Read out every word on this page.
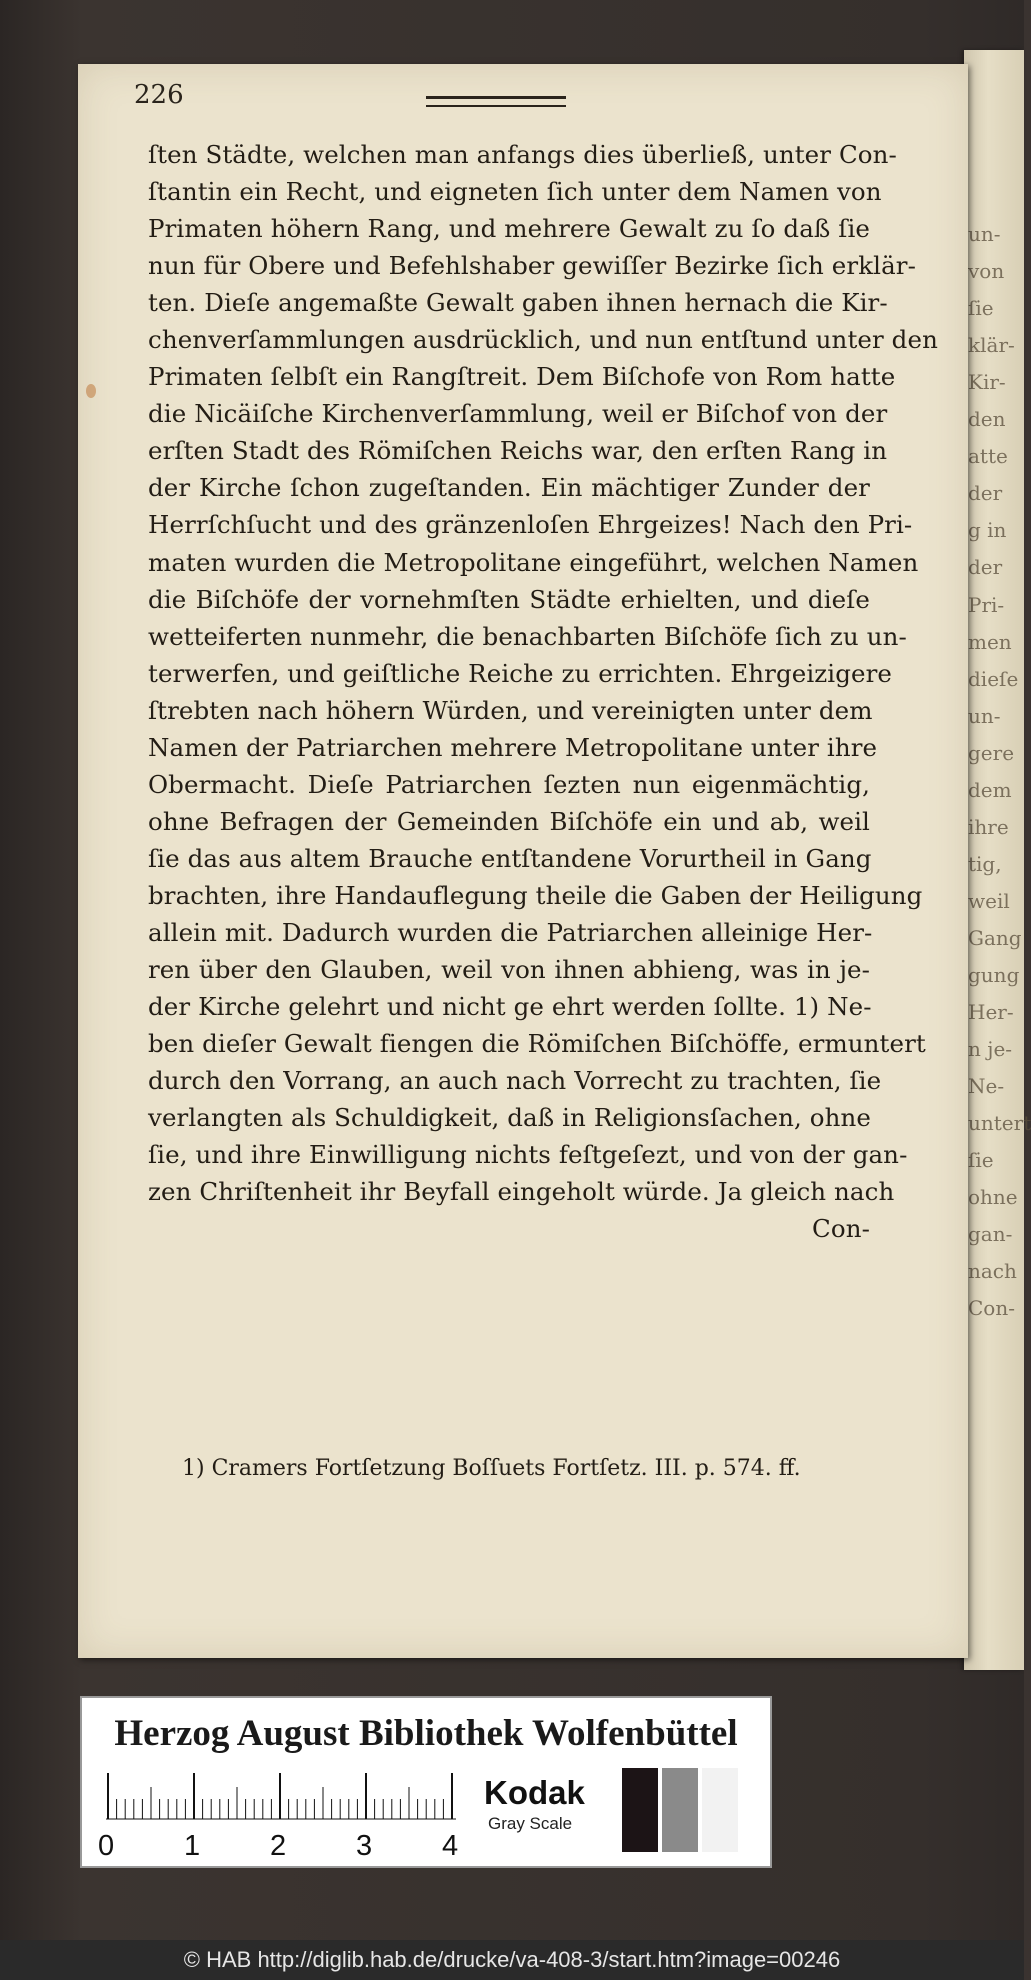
un-
von
ſie
klär-
Kir-
den
atte
der
g in
der
Pri-
men
dieſe
un-
gere
dem
ihre
tig,
weil
Gang
gung
Her-
n je-
Ne-
untert
ſie
ohne
gan-
nach
Con-
226
ſten Städte, welchen man anfangs dies überließ, unter Con-
ſtantin ein Recht, und eigneten ſich unter dem Namen von
Primaten höhern Rang, und mehrere Gewalt zu ſo daß ſie
nun für Obere und Befehlshaber gewiſſer Bezirke ſich erklär-
ten. Dieſe angemaßte Gewalt gaben ihnen hernach die Kir-
chenverſammlungen ausdrücklich, und nun entſtund unter den
Primaten ſelbſt ein Rangſtreit. Dem Biſchofe von Rom hatte
die Nicäiſche Kirchenverſammlung, weil er Biſchof von der
erſten Stadt des Römiſchen Reichs war, den erſten Rang in
der Kirche ſchon zugeſtanden. Ein mächtiger Zunder der
Herrſchſucht und des gränzenloſen Ehrgeizes! Nach den Pri-
maten wurden die Metropolitane eingeführt, welchen Namen
die Biſchöfe der vornehmſten Städte erhielten, und dieſe
wetteiferten nunmehr, die benachbarten Biſchöfe ſich zu un-
terwerfen, und geiſtliche Reiche zu errichten. Ehrgeizigere
ſtrebten nach höhern Würden, und vereinigten unter dem
Namen der Patriarchen mehrere Metropolitane unter ihre
Obermacht. Dieſe Patriarchen ſezten nun eigenmächtig,
ohne Befragen der Gemeinden Biſchöfe ein und ab, weil
ſie das aus altem Brauche entſtandene Vorurtheil in Gang
brachten, ihre Handauflegung theile die Gaben der Heiligung
allein mit. Dadurch wurden die Patriarchen alleinige Her-
ren über den Glauben, weil von ihnen abhieng, was in je-
der Kirche gelehrt und nicht ge ehrt werden ſollte. 1) Ne-
ben dieſer Gewalt fiengen die Römiſchen Biſchöffe, ermuntert
durch den Vorrang, an auch nach Vorrecht zu trachten, ſie
verlangten als Schuldigkeit, daß in Religionsſachen, ohne
ſie, und ihre Einwilligung nichts feſtgeſezt, und von der gan-
zen Chriſtenheit ihr Beyfall eingeholt würde. Ja gleich nach
Con-
1) Cramers Fortſetzung Boſſuets Fortſetz. III. p. 574. ff.
Herzog August Bibliothek Wolfenbüttel
0 1 2 3 4
Kodak
Gray Scale
© HAB http://diglib.hab.de/drucke/va-408-3/start.htm?image=00246
